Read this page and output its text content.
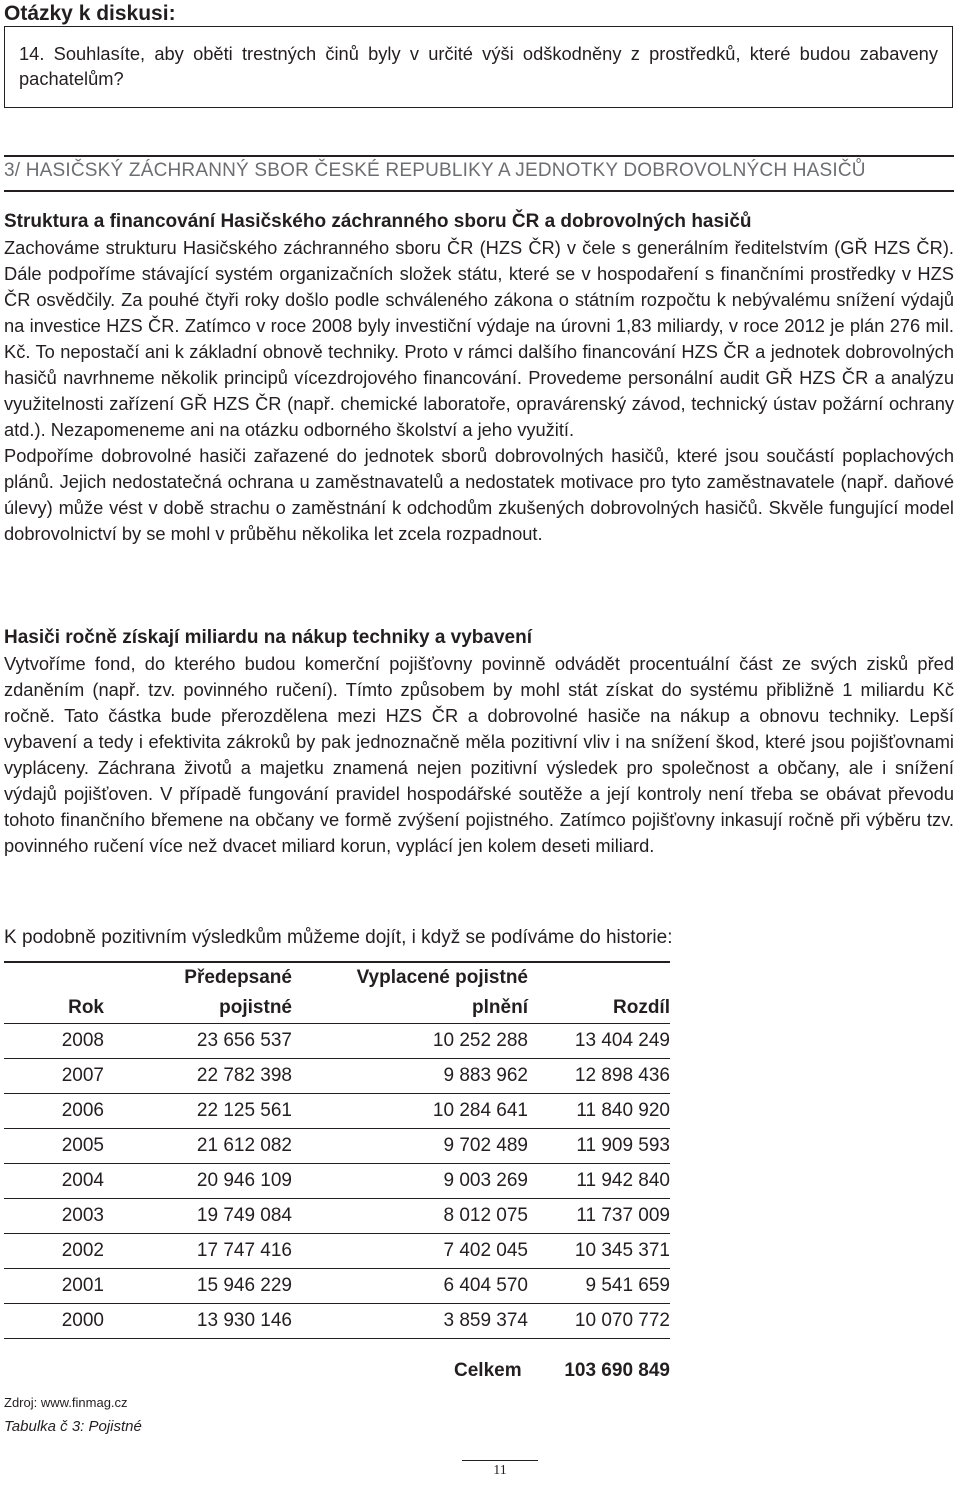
Otázky k diskusi:
14. Souhlasíte, aby oběti trestných činů byly v určité výši odškodněny z prostředků, které budou zabaveny pachatelům?
3/ HASIČSKÝ ZÁCHRANNÝ SBOR ČESKÉ REPUBLIKY A JEDNOTKY DOBROVOLNÝCH HASIČŮ
Struktura a financování Hasičského záchranného sboru ČR a dobrovolných hasičů

Zachováme strukturu Hasičského záchranného sboru ČR (HZS ČR) v čele s generálním ředitelstvím (GŘ HZS ČR). Dále podpoříme stávající systém organizačních složek státu, které se v hospodaření s finančními prostředky v HZS ČR osvědčily. Za pouhé čtyři roky došlo podle schváleného zákona o státním rozpočtu k nebývalému snížení výdajů na investice HZS ČR. Zatímco v roce 2008 byly investiční výdaje na úrovni 1,83 miliardy, v roce 2012 je plán 276 mil. Kč. To nepostačí ani k základní obnově techniky. Proto v rámci dalšího financování HZS ČR a jednotek dobrovolných hasičů navrhneme několik principů vícezdrojového financování. Provedeme personální audit GŘ HZS ČR a analýzu využitelnosti zařízení GŘ HZS ČR (např. chemické laboratoře, opravárenský závod, technický ústav požární ochrany atd.). Nezapomeneme ani na otázku odborného školství a jeho využití.

Podpoříme dobrovolné hasiči zařazené do jednotek sborů dobrovolných hasičů, které jsou součástí poplachových plánů. Jejich nedostatečná ochrana u zaměstnavatelů a nedostatek motivace pro tyto zaměstnavatele (např. daňové úlevy) může vést v době strachu o zaměstnání k odchodům zkušených dobrovolných hasičů. Skvěle fungující model dobrovolnictví by se mohl v průběhu několika let zcela rozpadnout.

Hasiči ročně získají miliardu na nákup techniky a vybavení

Vytvoříme fond, do kterého budou komerční pojišťovny povinně odvádět procentuální část ze svých zisků před zdaněním (např. tzv. povinného ručení). Tímto způsobem by mohl stát získat do systému přibližně 1 miliardu Kč ročně. Tato částka bude přerozdělena mezi HZS ČR a dobrovolné hasiče na nákup a obnovu techniky. Lepší vybavení a tedy i efektivita zákroků by pak jednoznačně měla pozitivní vliv i na snížení škod, které jsou pojišťovnami vypláceny. Záchrana životů a majetku znamená nejen pozitivní výsledek pro společnost a občany, ale i snížení výdajů pojišťoven. V případě fungování pravidel hospodářské soutěže a její kontroly není třeba se obávat převodu tohoto finančního břemene na občany ve formě zvýšení pojistného. Zatímco pojišťovny inkasují ročně při výběru tzv. povinného ručení více než dvacet miliard korun, vyplácí jen kolem deseti miliard.

K podobně pozitivním výsledkům můžeme dojít, i když se podíváme do historie:
	Předepsané	Vyplacené pojistné	
Rok	pojistné	plnění	Rozdíl
2008	23 656 537	10 252 288	13 404 249
2007	22 782 398	9 883 962	12 898 436
2006	22 125 561	10 284 641	11 840 920
2005	21 612 082	9 702 489	11 909 593
2004	20 946 109	9 003 269	11 942 840
2003	19 749 084	8 012 075	11 737 009
2002	17 747 416	7 402 045	10 345 371
2001	15 946 229	6 404 570	9 541 659
2000	13 930 146	3 859 374	10 070 772
Celkem 103 690 849
Zdroj: www.finmag.cz
Tabulka č 3: Pojistné
11
